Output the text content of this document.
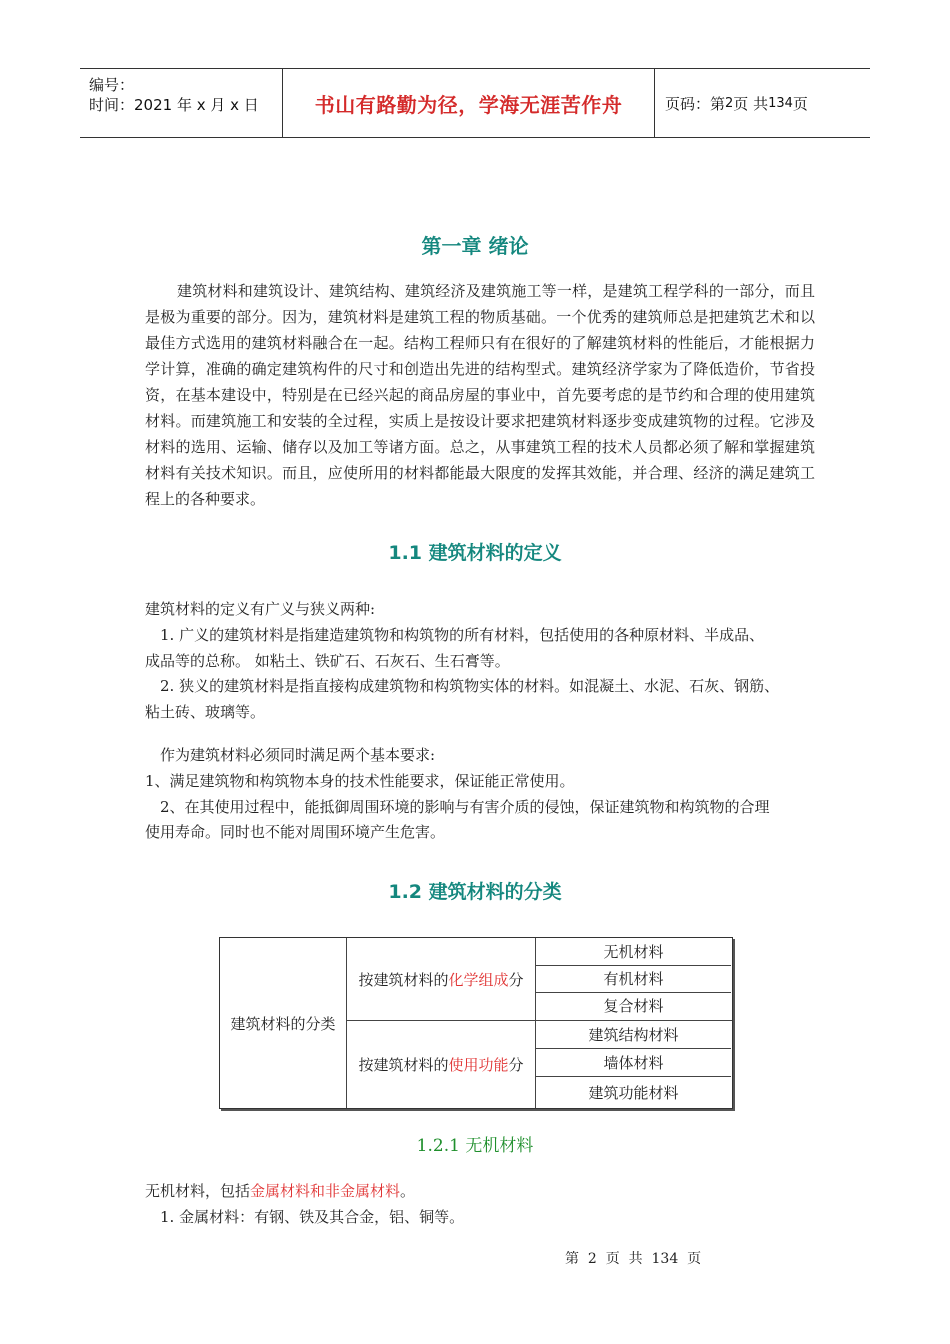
编号：
时间：2021 年 x 月 x 日	书山有路勤为径，学海无涯苦作舟	页码：第 2 页 共 134 页
第一章 绪论
建筑材料和建筑设计、建筑结构、建筑经济及建筑施工等一样，是建筑工程学科的一部分，而且是极为重要的部分。因为，建筑材料是建筑工程的物质基础。一个优秀的建筑师总是把建筑艺术和以最佳方式选用的建筑材料融合在一起。结构工程师只有在很好的了解建筑材料的性能后，才能根据力学计算，准确的确定建筑构件的尺寸和创造出先进的结构型式。建筑经济学家为了降低造价，节省投资，在基本建设中，特别是在已经兴起的商品房屋的事业中，首先要考虑的是节约和合理的使用建筑材料。而建筑施工和安装的全过程，实质上是按设计要求把建筑材料逐步变成建筑物的过程。它涉及材料的选用、运输、储存以及加工等诸方面。总之，从事建筑工程的技术人员都必须了解和掌握建筑材料有关技术知识。而且，应使所用的材料都能最大限度的发挥其效能，并合理、经济的满足建筑工程上的各种要求。
1.1 建筑材料的定义
建筑材料的定义有广义与狭义两种:
1. 广义的建筑材料是指建造建筑物和构筑物的所有材料，包括使用的各种原材料、半成品、
成品等的总称。 如粘土、铁矿石、石灰石、生石膏等。
2. 狭义的建筑材料是指直接构成建筑物和构筑物实体的材料。如混凝土、水泥、石灰、钢筋、
粘土砖、玻璃等。
作为建筑材料必须同时满足两个基本要求:
1、满足建筑物和构筑物本身的技术性能要求，保证能正常使用。
2、在其使用过程中，能抵御周围环境的影响与有害介质的侵蚀，保证建筑物和构筑物的合理
使用寿命。同时也不能对周围环境产生危害。
1.2 建筑材料的分类
建筑材料的分类
按建筑材料的 化学组成 分
按建筑材料的 使用功能 分
无机材料
有机材料
复合材料
建筑结构材料
墙体材料
建筑功能材料
1.2.1 无机材料
无机材料，包括金属材料和非金属材料。
1. 金属材料：有钢、铁及其合金，铝、铜等。
第  2  页  共  134  页
